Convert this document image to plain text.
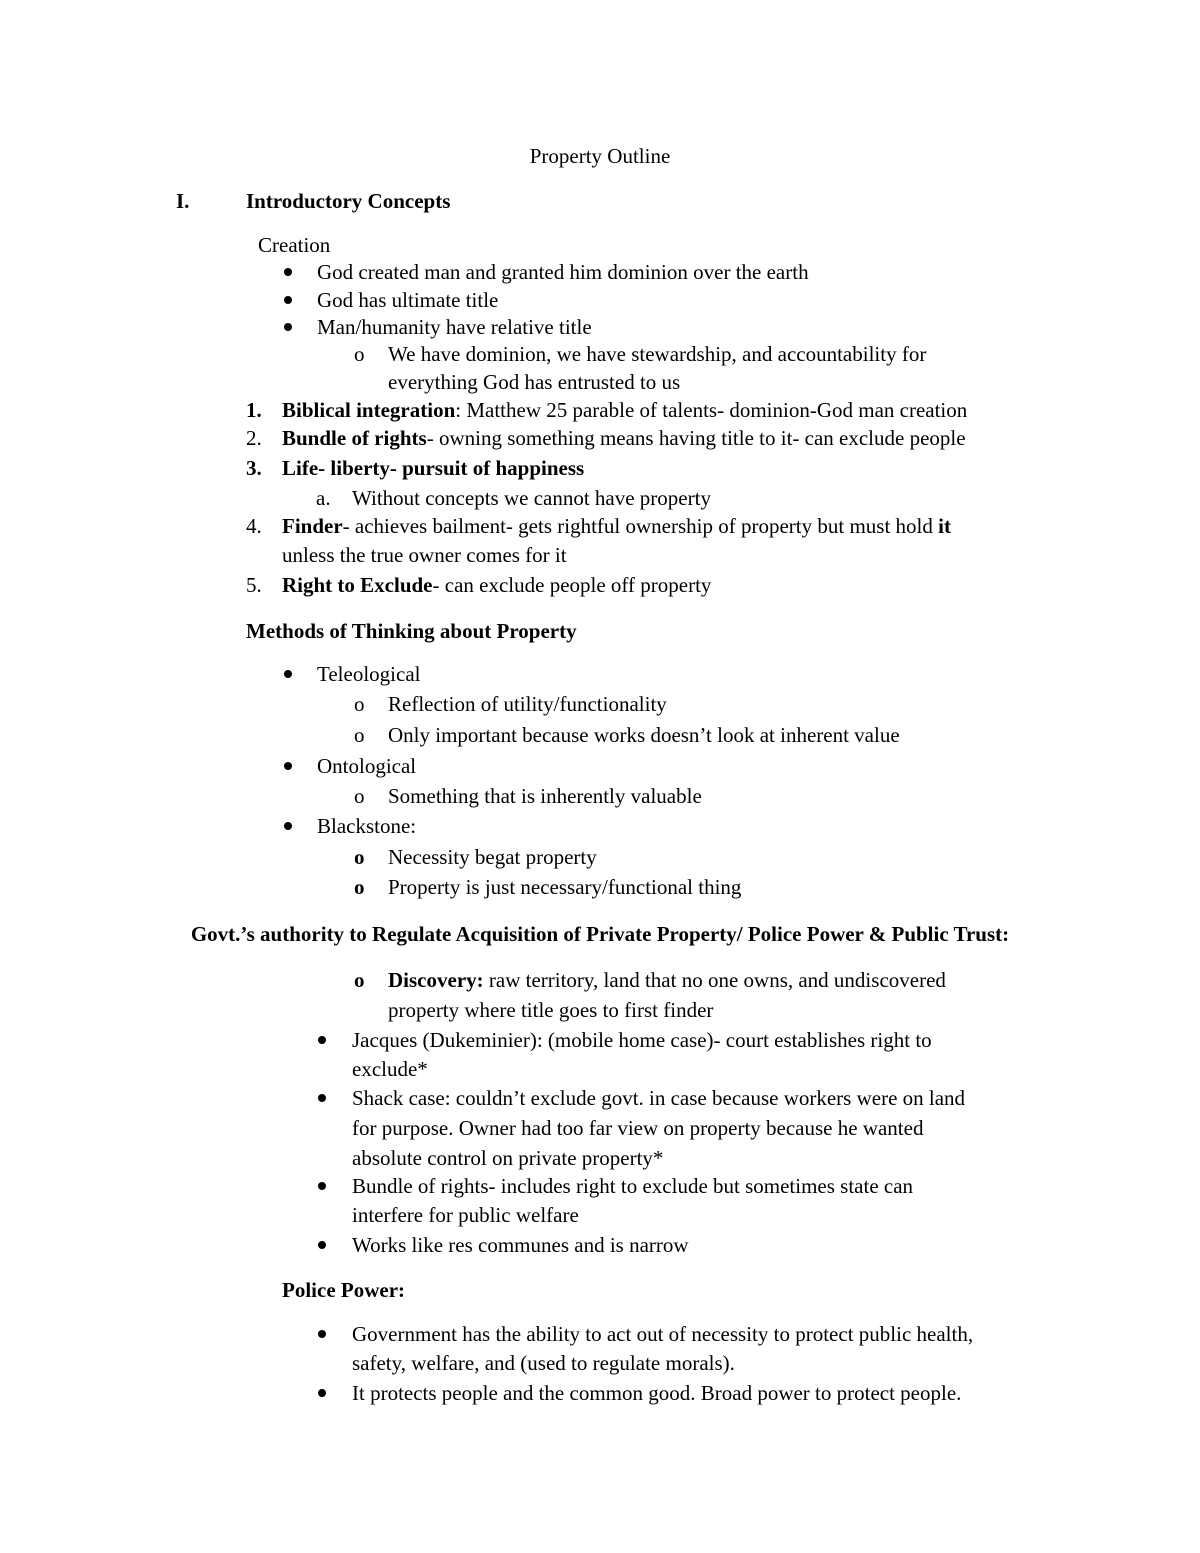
Property Outline
I.	Introductory Concepts
Creation
God created man and granted him dominion over the earth
God has ultimate title
Man/humanity have relative title
o We have dominion, we have stewardship, and accountability for
everything God has entrusted to us
1. Biblical integration: Matthew 25 parable of talents- dominion-God man creation
2. Bundle of rights- owning something means having title to it- can exclude people
3. Life- liberty- pursuit of happiness
a. Without concepts we cannot have property
4. Finder- achieves bailment- gets rightful ownership of property but must hold it
unless the true owner comes for it
5. Right to Exclude- can exclude people off property
Methods of Thinking about Property
Teleological
o Reflection of utility/functionality
o Only important because works doesn’t look at inherent value
Ontological
o Something that is inherently valuable
Blackstone:
o Necessity begat property
o Property is just necessary/functional thing
Govt.’s authority to Regulate Acquisition of Private Property/ Police Power & Public Trust:
o Discovery: raw territory, land that no one owns, and undiscovered
property where title goes to first finder
Jacques (Dukeminier): (mobile home case)- court establishes right to
exclude*
Shack case: couldn’t exclude govt. in case because workers were on land
for purpose. Owner had too far view on property because he wanted
absolute control on private property*
Bundle of rights- includes right to exclude but sometimes state can
interfere for public welfare
Works like res communes and is narrow
Police Power:
Government has the ability to act out of necessity to protect public health,
safety, welfare, and (used to regulate morals).
It protects people and the common good. Broad power to protect people.
